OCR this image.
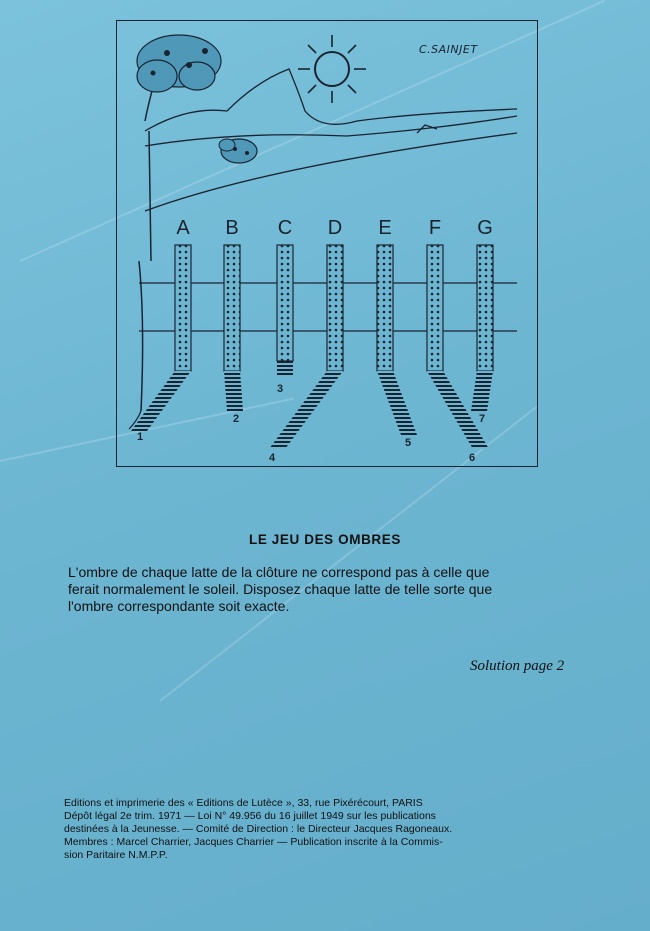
C.SAINJET
A B C D E F G
1
2
3
4
5
6
7
LE JEU DES OMBRES
L'ombre de chaque latte de la clôture ne correspond pas à celle que
ferait normalement le soleil. Disposez chaque latte de telle sorte que
l'ombre correspondante soit exacte.
Solution page 2
Editions et imprimerie des « Editions de Lutèce », 33, rue Pixérécourt, PARIS
Dépôt légal 2e trim. 1971 — Loi N° 49.956 du 16 juillet 1949 sur les publications
destinées à la Jeunesse. — Comité de Direction : le Directeur Jacques Ragoneaux.
Membres : Marcel Charrier, Jacques Charrier — Publication inscrite à la Commis-
sion Paritaire N.M.P.P.
